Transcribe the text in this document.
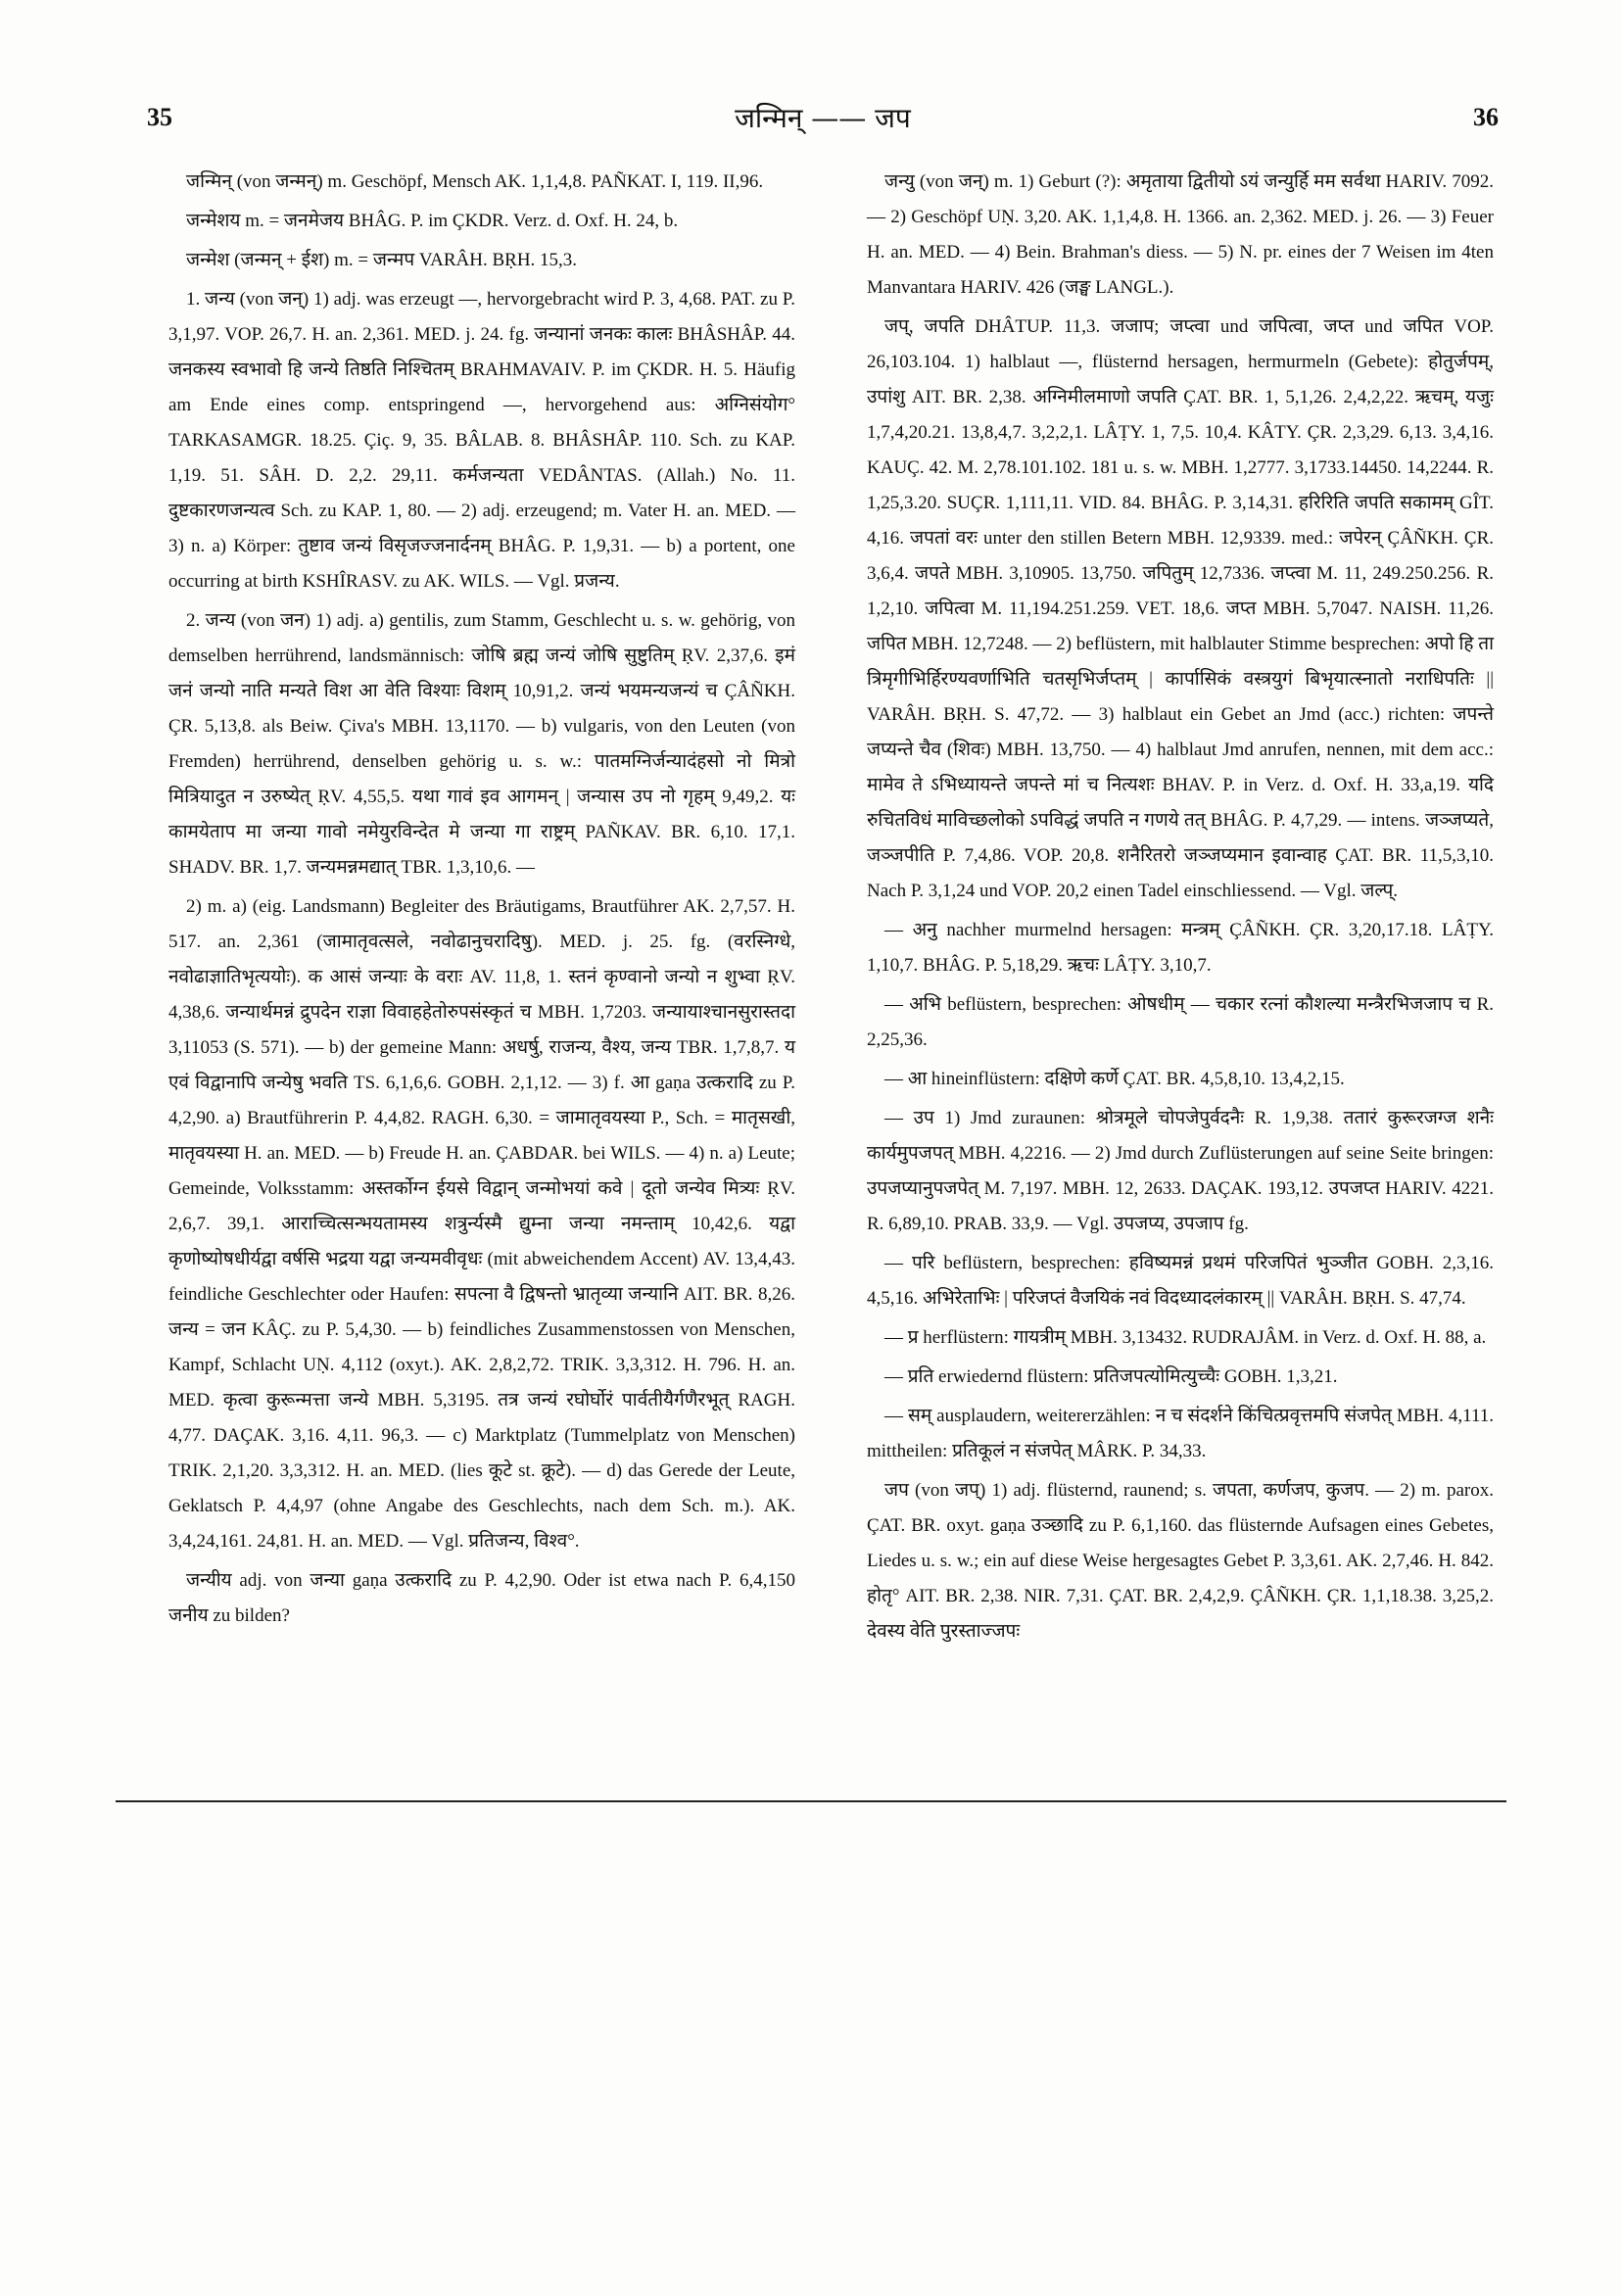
35	जन्मिन् —— जप	36

जन्मिन् (von जन्मन्) m. Geschöpf, Mensch AK. 1,1,4,8. PAÑKAT. I, 119. II,96.

जन्मेशय m. = जनमेजय BHÂG. P. im ÇKDR. Verz. d. Oxf. H. 24, b.

जन्मेश (जन्मन् + ईश) m. = जन्मप VARÂH. BṚH. 15,3.

1. जन्य (von जन्) 1) adj. was erzeugt —, hervorgebracht wird P. 3, 4,68. PAT. zu P. 3,1,97. VOP. 26,7. H. an. 2,361. MED. j. 24. fg. जन्यानां जनकः कालः BHÂSHÂP. 44. जनकस्य स्वभावो हि जन्ये तिष्ठति निश्चितम् BRAHMAVAIV. P. im ÇKDR. H. 5. Häufig am Ende eines comp. entspringend —, hervorgehend aus: अग्निसंयोग° TARKASAMGR. 18.25. Çiç. 9, 35. BÂLAB. 8. BHÂSHÂP. 110. Sch. zu KAP. 1,19. 51. SÂH. D. 2,2. 29,11. कर्मजन्यता VEDÂNTAS. (Allah.) No. 11. दुष्टकारणजन्यत्व Sch. zu KAP. 1, 80. — 2) adj. erzeugend; m. Vater H. an. MED. — 3) n. a) Körper: तुष्टाव जन्यं विसृजज्जनार्दनम् BHÂG. P. 1,9,31. — b) a portent, one occurring at birth KSHÎRASV. zu AK. WILS. — Vgl. प्रजन्य.

2. जन्य (von जन) 1) adj. a) gentilis, zum Stamm, Geschlecht u. s. w. gehörig, von demselben herrührend, landsmännisch: जोषि ब्रह्म जन्यं जोषि सुष्टुतिम् ṚV. 2,37,6. इमं जनं जन्यो नाति मन्यते विश आ वेति विश्याः विशम् 10,91,2. जन्यं भयमन्यजन्यं च ÇÂÑKH. ÇR. 5,13,8. als Beiw. Çiva's MBH. 13,1170. — b) vulgaris, von den Leuten (von Fremden) herrührend, denselben gehörig u. s. w.: पातमग्निर्जन्यादंहसो नो मित्रो मित्रियादुत न उरुष्येत् ṚV. 4,55,5. यथा गावं इव आगमन् | जन्यास उप नो गृहम् 9,49,2. यः कामयेताप मा जन्या गावो नमेयुरविन्देत मे जन्या गा राष्ट्रम् PAÑKAV. BR. 6,10. 17,1. SHADV. BR. 1,7. जन्यमन्नमद्यात् TBR. 1,3,10,6. —

2) m. a) (eig. Landsmann) Begleiter des Bräutigams, Brautführer AK. 2,7,57. H. 517. an. 2,361 (जामातृवत्सले, नवोढानुचरादिषु). MED. j. 25. fg. (वरस्निग्धे, नवोढाज्ञातिभृत्ययोः). क आसं जन्याः के वराः AV. 11,8, 1. स्तनं कृण्वानो जन्यो न शुभ्वा ṚV. 4,38,6. जन्यार्थमन्नं द्रुपदेन राज्ञा विवाहहेतोरुपसंस्कृतं च MBH. 1,7203. जन्यायाश्चानसुरास्तदा 3,11053 (S. 571). — b) der gemeine Mann: अधर्षु, राजन्य, वैश्य, जन्य TBR. 1,7,8,7. य एवं विद्वानापि जन्येषु भवति TS. 6,1,6,6. GOBH. 2,1,12. — 3) f. आ gaṇa उत्करादि zu P. 4,2,90. a) Brautführerin P. 4,4,82. RAGH. 6,30. = जामातृवयस्या P., Sch. = मातृसखी, मातृवयस्या H. an. MED. — b) Freude H. an. ÇABDAR. bei WILS. — 4) n. a) Leute; Gemeinde, Volksstamm: अस्तर्कोग्न ईयसे विद्वान् जन्मोभयां कवे | दूतो जन्येव मित्र्यः ṚV. 2,6,7. 39,1. आराच्चित्सन्भयतामस्य शत्रुर्न्यस्मै द्युम्ना जन्या नमन्ताम् 10,42,6. यद्वा कृणोष्योषधीर्यद्वा वर्षसि भद्रया यद्वा जन्यमवीवृधः (mit abweichendem Accent) AV. 13,4,43. feindliche Geschlechter oder Haufen: सपत्ना वै द्विषन्तो भ्रातृव्या जन्यानि AIT. BR. 8,26. जन्य = जन KÂÇ. zu P. 5,4,30. — b) feindliches Zusammenstossen von Menschen, Kampf, Schlacht UṆ. 4,112 (oxyt.). AK. 2,8,2,72. TRIK. 3,3,312. H. 796. H. an. MED. कृत्वा कुरून्मत्ता जन्ये MBH. 5,3195. तत्र जन्यं रघोर्घोरं पार्वतीयैर्गणैरभूत् RAGH. 4,77. DAÇAK. 3,16. 4,11. 96,3. — c) Marktplatz (Tummelplatz von Menschen) TRIK. 2,1,20. 3,3,312. H. an. MED. (lies कूटे st. क्रूटे). — d) das Gerede der Leute, Geklatsch P. 4,4,97 (ohne Angabe des Geschlechts, nach dem Sch. m.). AK. 3,4,24,161. 24,81. H. an. MED. — Vgl. प्रतिजन्य, विश्व°.

जन्यीय adj. von जन्या gaṇa उत्करादि zu P. 4,2,90. Oder ist etwa nach P. 6,4,150 जनीय zu bilden?

जन्यु (von जन्) m. 1) Geburt (?): अमृताया द्वितीयो ऽयं जन्युर्हि मम सर्वथा HARIV. 7092. — 2) Geschöpf UṆ. 3,20. AK. 1,1,4,8. H. 1366. an. 2,362. MED. j. 26. — 3) Feuer H. an. MED. — 4) Bein. Brahman's diess. — 5) N. pr. eines der 7 Weisen im 4ten Manvantara HARIV. 426 (जङ्घ LANGL.).

जप्, जपति DHÂTUP. 11,3. जजाप; जप्त्वा und जपित्वा, जप्त und जपित VOP. 26,103.104. 1) halblaut —, flüsternd hersagen, hermurmeln (Gebete): होतुर्जपम्, उपांशु AIT. BR. 2,38. अग्निमीलमाणो जपति ÇAT. BR. 1, 5,1,26. 2,4,2,22. ऋचम्, यजुः 1,7,4,20.21. 13,8,4,7. 3,2,2,1. LÂṬY. 1, 7,5. 10,4. KÂTY. ÇR. 2,3,29. 6,13. 3,4,16. KAUÇ. 42. M. 2,78.101.102. 181 u. s. w. MBH. 1,2777. 3,1733.14450. 14,2244. R. 1,25,3.20. SUÇR. 1,111,11. VID. 84. BHÂG. P. 3,14,31. हरिरिति जपति सकामम् GÎT. 4,16. जपतां वरः unter den stillen Betern MBH. 12,9339. med.: जपेरन् ÇÂÑKH. ÇR. 3,6,4. जपते MBH. 3,10905. 13,750. जपितुम् 12,7336. जप्त्वा M. 11, 249.250.256. R. 1,2,10. जपित्वा M. 11,194.251.259. VET. 18,6. जप्त MBH. 5,7047. NAISH. 11,26. जपित MBH. 12,7248. — 2) beflüstern, mit halblauter Stimme besprechen: अपो हि ता त्रिमृगीभिर्हिरण्यवर्णाभिति चतसृभिर्जप्तम् | कार्पासिकं वस्त्रयुगं बिभृयात्स्नातो नराधिपतिः || VARÂH. BṚH. S. 47,72. — 3) halblaut ein Gebet an Jmd (acc.) richten: जपन्ते जप्यन्ते चैव (शिवः) MBH. 13,750. — 4) halblaut Jmd anrufen, nennen, mit dem acc.: मामेव ते ऽभिध्यायन्ते जपन्ते मां च नित्यशः BHAV. P. in Verz. d. Oxf. H. 33,a,19. यदि रुचितविधं माविच्छलोको ऽपविद्धं जपति न गणये तत् BHÂG. P. 4,7,29. — intens. जञ्जप्यते, जञ्जपीति P. 7,4,86. VOP. 20,8. शनैरितरो जञ्जप्यमान इवान्वाह ÇAT. BR. 11,5,3,10. Nach P. 3,1,24 und VOP. 20,2 einen Tadel einschliessend. — Vgl. जल्प्.

— अनु nachher murmelnd hersagen: मन्त्रम् ÇÂÑKH. ÇR. 3,20,17.18. LÂṬY. 1,10,7. BHÂG. P. 5,18,29. ऋचः LÂṬY. 3,10,7.

— अभि beflüstern, besprechen: ओषधीम् — चकार रत्नां कौशल्या मन्त्रैरभिजजाप च R. 2,25,36.

— आ hineinflüstern: दक्षिणे कर्णे ÇAT. BR. 4,5,8,10. 13,4,2,15.

— उप 1) Jmd zuraunen: श्रोत्रमूले चोपजेपुर्वदनैः R. 1,9,38. ततारं कुरूरजग्ज शनैः कार्यमुपजपत् MBH. 4,2216. — 2) Jmd durch Zuflüsterungen auf seine Seite bringen: उपजप्यानुपजपेत् M. 7,197. MBH. 12, 2633. DAÇAK. 193,12. उपजप्त HARIV. 4221. R. 6,89,10. PRAB. 33,9. — Vgl. उपजप्य, उपजाप fg.

— परि beflüstern, besprechen: हविष्यमन्नं प्रथमं परिजपितं भुञ्जीत GOBH. 2,3,16. 4,5,16. अभिरेताभिः | परिजप्तं वैजयिकं नवं विदध्यादलंकारम् || VARÂH. BṚH. S. 47,74.

— प्र herflüstern: गायत्रीम् MBH. 3,13432. RUDRAJÂM. in Verz. d. Oxf. H. 88, a.

— प्रति erwiedernd flüstern: प्रतिजपत्योमित्युच्चैः GOBH. 1,3,21.

— सम् ausplaudern, weitererzählen: न च संदर्शने किंचित्प्रवृत्तमपि संजपेत् MBH. 4,111. mittheilen: प्रतिकूलं न संजपेत् MÂRK. P. 34,33.

जप (von जप्) 1) adj. flüsternd, raunend; s. जपता, कर्णजप, कुजप. — 2) m. parox. ÇAT. BR. oxyt. gaṇa उञ्छादि zu P. 6,1,160. das flüsternde Aufsagen eines Gebetes, Liedes u. s. w.; ein auf diese Weise hergesagtes Gebet P. 3,3,61. AK. 2,7,46. H. 842. होतृ° AIT. BR. 2,38. NIR. 7,31. ÇAT. BR. 2,4,2,9. ÇÂÑKH. ÇR. 1,1,18.38. 3,25,2. देवस्य वेति पुरस्ताज्जपः
